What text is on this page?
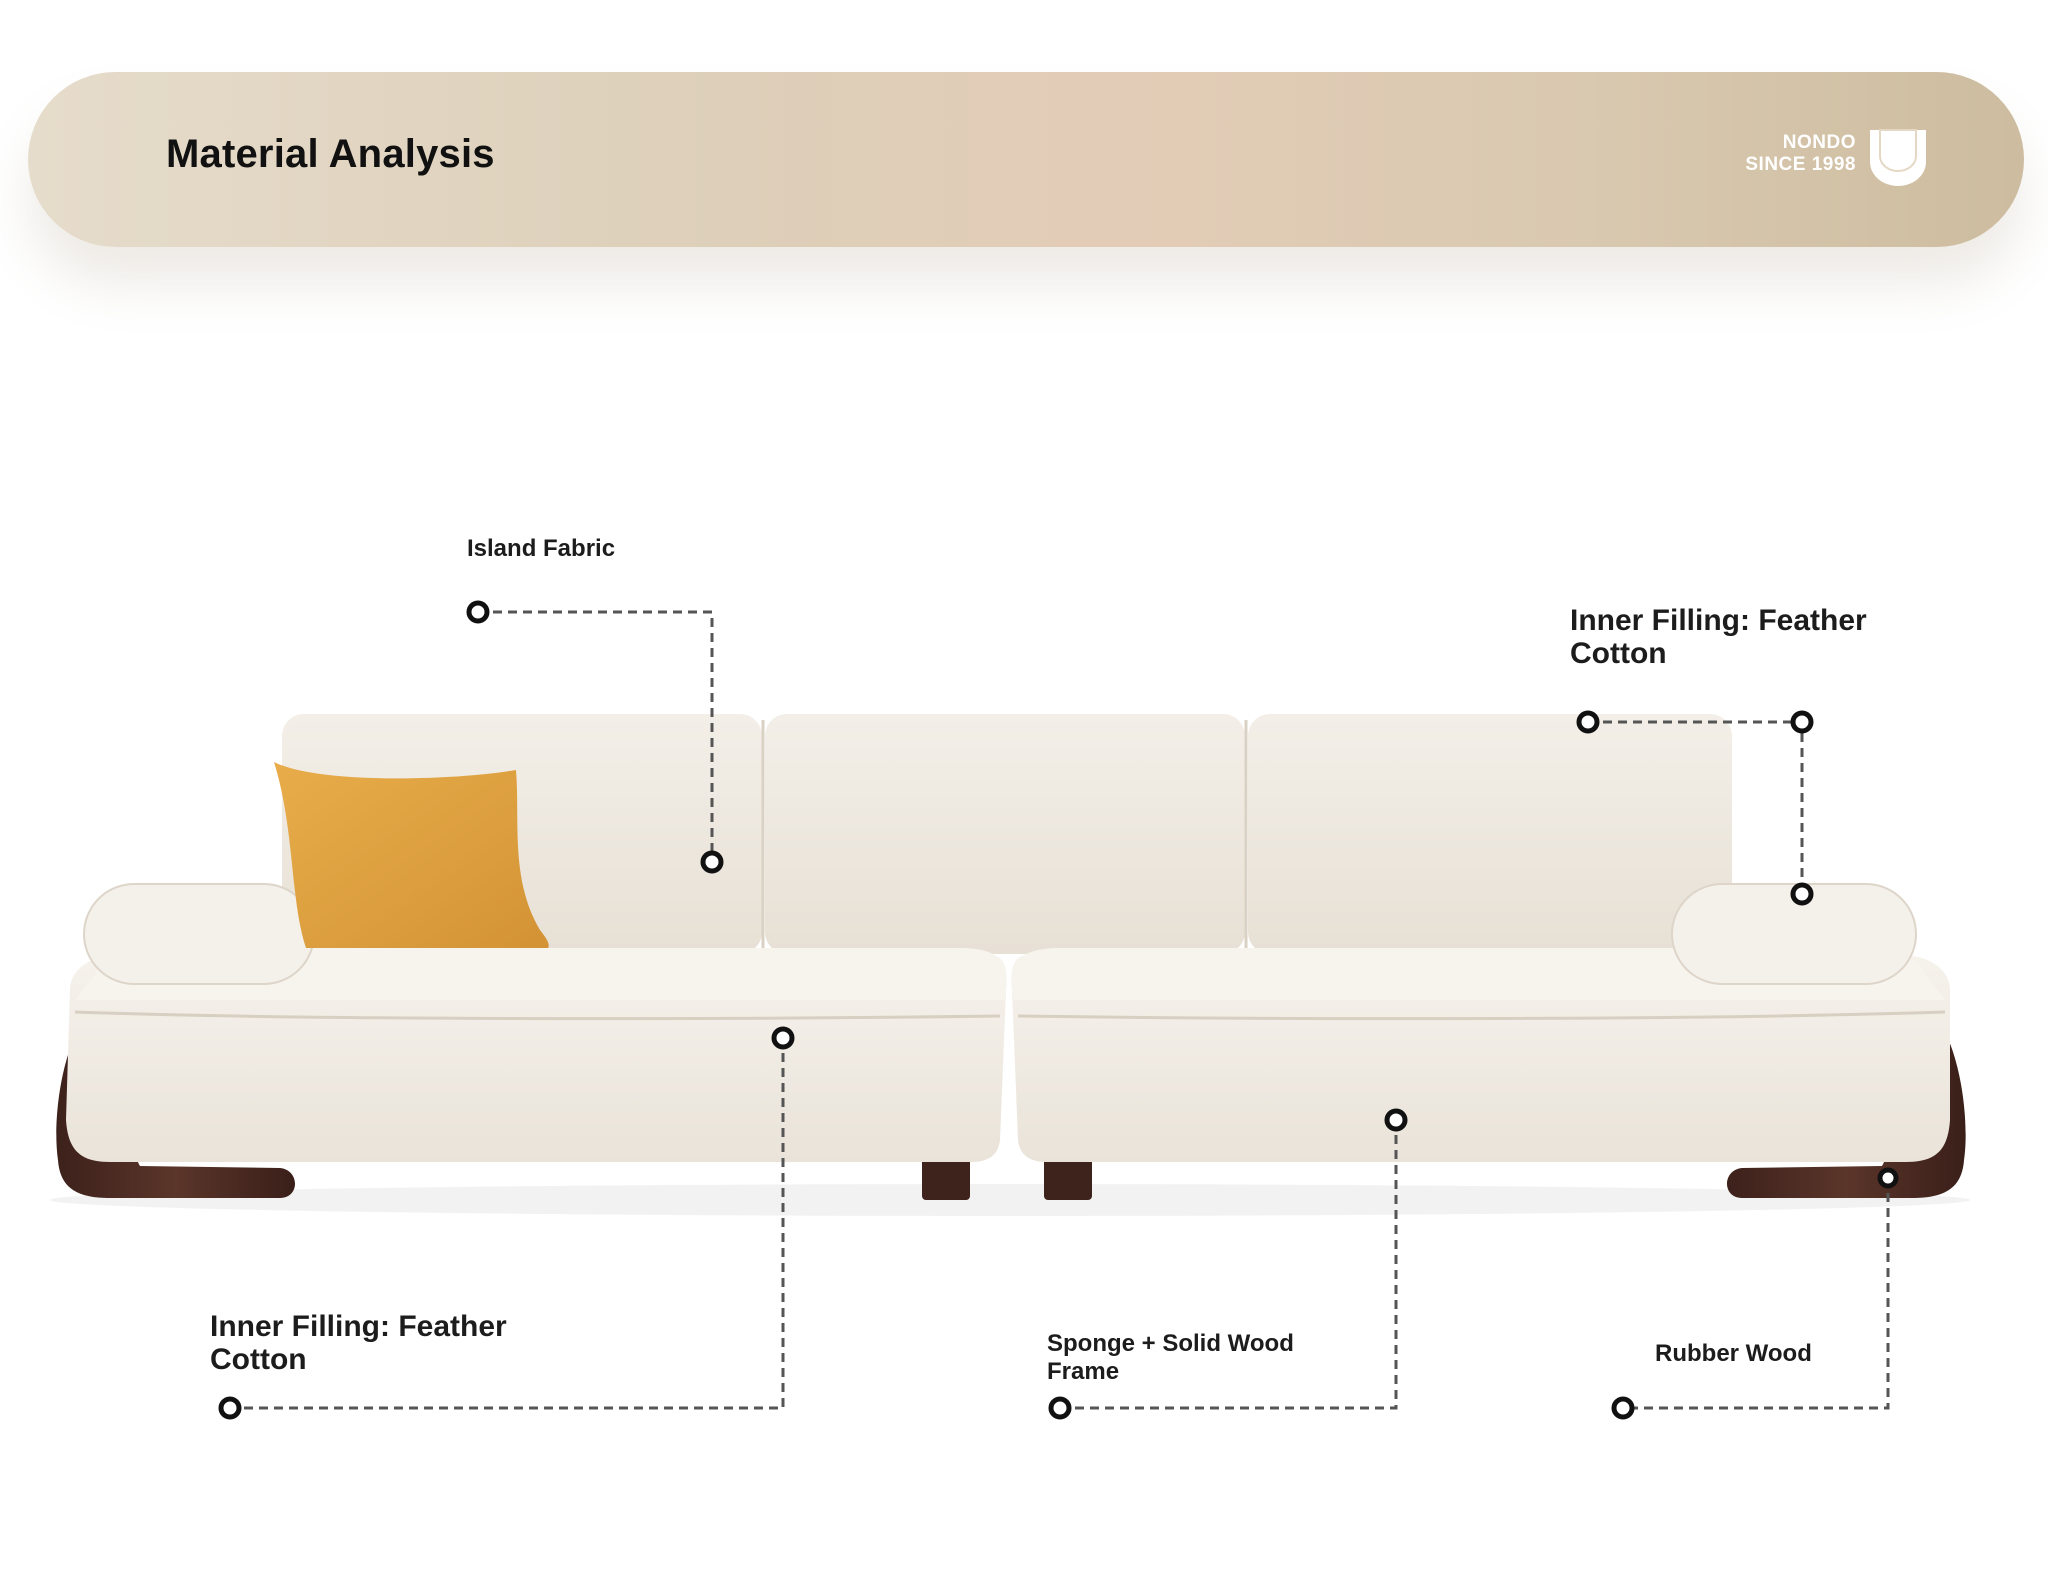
Material Analysis	NONDO
SINCE 1998
Island Fabric
Inner Filling: Feather
Cotton
Inner Filling: Feather
Cotton	Sponge + Solid Wood
Frame
Rubber Wood
